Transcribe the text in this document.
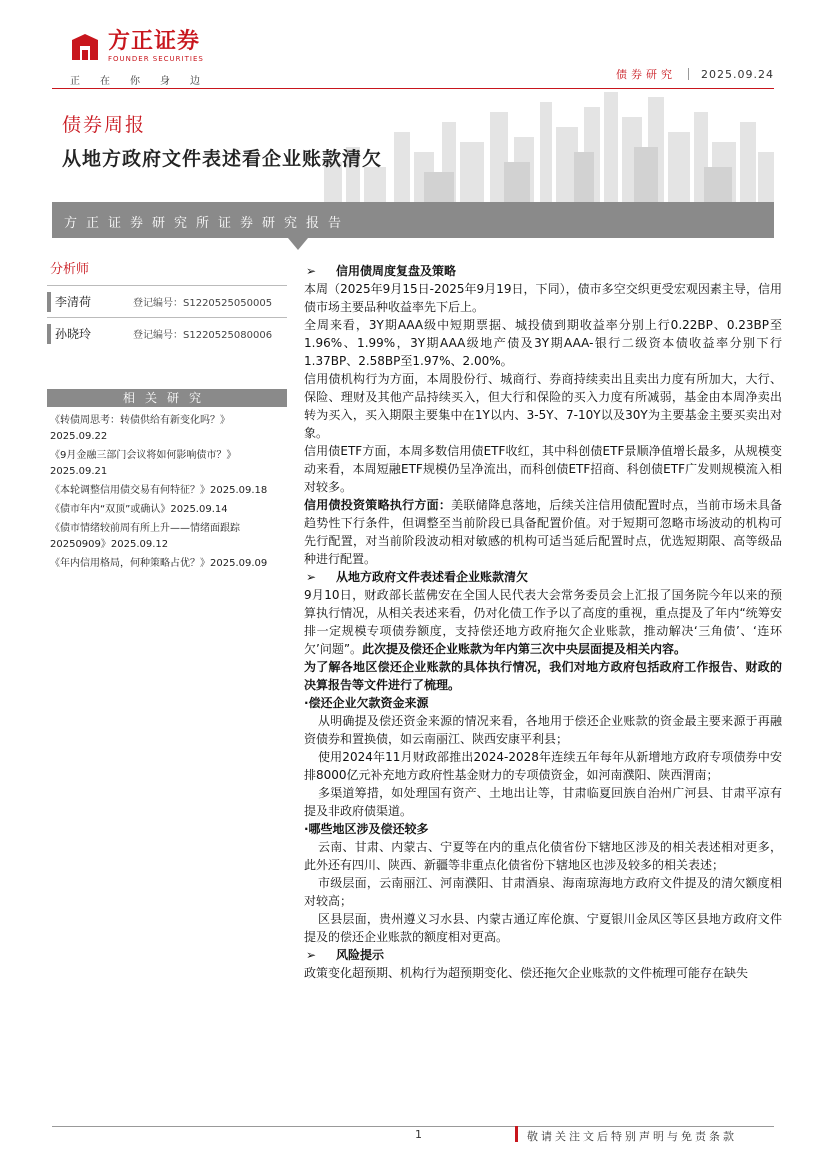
方正证券
FOUNDER SECURITIES
正在你身边
债券研究 2025.09.24
债券周报
从地方政府文件表述看企业账款清欠
方正证券研究所证券研究报告
分析师
李清荷	登记编号：S1220525050005
孙晓玲	登记编号：S1220525080006
相关研究
《转债周思考：转债供给有新变化吗？》2025.09.22
《9月金融三部门会议将如何影响债市？》2025.09.21
《本轮调整信用债交易有何特征？》2025.09.18
《债市年内“双顶”或确认》2025.09.14
《债市情绪较前周有所上升——情绪面跟踪20250909》2025.09.12
《年内信用格局，何种策略占优？》2025.09.09

➢ 信用债周度复盘及策略

本周（2025年9月15日-2025年9月19日，下同），债市多空交织更受宏观因素主导，信用债市场主要品种收益率先下后上。

全周来看，3Y期AAA级中短期票据、城投债到期收益率分别上行0.22BP、0.23BP至1.96%、1.99%，3Y期AAA级地产债及3Y期AAA-银行二级资本债收益率分别下行1.37BP、2.58BP至1.97%、2.00%。

信用债机构行为方面，本周股份行、城商行、券商持续卖出且卖出力度有所加大，大行、保险、理财及其他产品持续买入，但大行和保险的买入力度有所减弱，基金由本周净卖出转为买入，买入期限主要集中在1Y以内、3-5Y、7-10Y以及30Y为主要基金主要买卖出对象。

信用债ETF方面，本周多数信用债ETF收红，其中科创债ETF景顺净值增长最多，从规模变动来看，本周短融ETF规模仍呈净流出，而科创债ETF招商、科创债ETF广发则规模流入相对较多。

信用债投资策略执行方面：美联储降息落地，后续关注信用债配置时点，当前市场未具备趋势性下行条件，但调整至当前阶段已具备配置价值。对于短期可忽略市场波动的机构可先行配置，对当前阶段波动相对敏感的机构可适当延后配置时点，优选短期限、高等级品种进行配置。

➢ 从地方政府文件表述看企业账款清欠

9月10日，财政部长蓝佛安在全国人民代表大会常务委员会上汇报了国务院今年以来的预算执行情况，从相关表述来看，仍对化债工作予以了高度的重视，重点提及了年内“统筹安排一定规模专项债券额度，支持偿还地方政府拖欠企业账款，推动解决‘三角债’、‘连环欠’问题”。此次提及偿还企业账款为年内第三次中央层面提及相关内容。

为了解各地区偿还企业账款的具体执行情况，我们对地方政府包括政府工作报告、财政的决算报告等文件进行了梳理。

·偿还企业欠款资金来源

从明确提及偿还资金来源的情况来看，各地用于偿还企业账款的资金最主要来源于再融资债券和置换债，如云南丽江、陕西安康平利县；

使用2024年11月财政部推出2024-2028年连续五年每年从新增地方政府专项债券中安排8000亿元补充地方政府性基金财力的专项债资金，如河南濮阳、陕西渭南；

多渠道筹措，如处理国有资产、土地出让等，甘肃临夏回族自治州广河县、甘肃平凉有提及非政府债渠道。

·哪些地区涉及偿还较多

云南、甘肃、内蒙古、宁夏等在内的重点化债省份下辖地区涉及的相关表述相对更多，此外还有四川、陕西、新疆等非重点化债省份下辖地区也涉及较多的相关表述；

市级层面，云南丽江、河南濮阳、甘肃酒泉、海南琼海地方政府文件提及的清欠额度相对较高；

区县层面，贵州遵义习水县、内蒙古通辽库伦旗、宁夏银川金凤区等区县地方政府文件提及的偿还企业账款的额度相对更高。

➢ 风险提示

政策变化超预期、机构行为超预期变化、偿还拖欠企业账款的文件梳理可能存在缺失

1	敬请关注文后特别声明与免责条款
